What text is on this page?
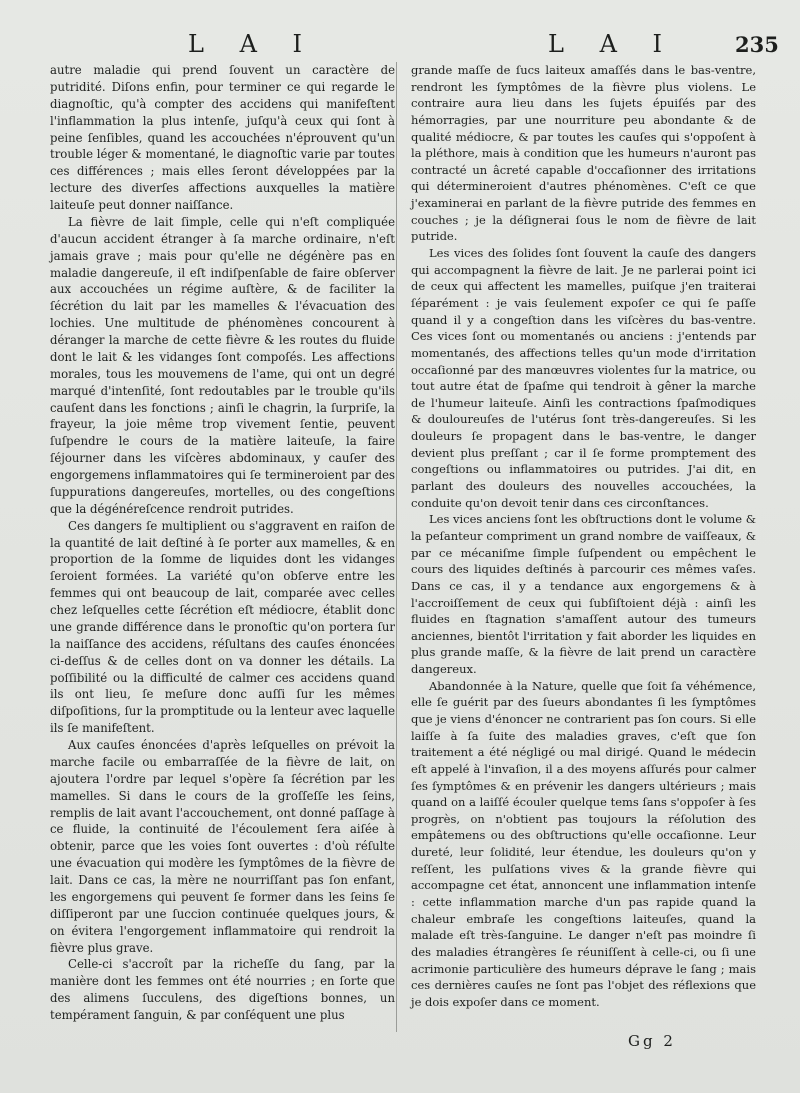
L A I	L A I	235

autre maladie qui prend ſouvent un caractère de putridité. Diſons enfin, pour terminer ce qui regarde le diagnoſtic, qu'à compter des accidens qui manifeſtent l'inflammation la plus intenſe, juſqu'à ceux qui ſont à peine ſenſibles, quand les accouchées n'éprouvent qu'un trouble léger & momentané, le diagnoſtic varie par toutes ces différences ; mais elles ſeront développées par la lecture des diverſes affections auxquelles la matière laiteuſe peut donner naiſſance.

La fièvre de lait ſimple, celle qui n'eſt compliquée d'aucun accident étranger à ſa marche ordinaire, n'eſt jamais grave ; mais pour qu'elle ne dégénère pas en maladie dangereuſe, il eſt indiſpenſable de faire obſerver aux accouchées un régime auſtère, & de faciliter la ſécrétion du lait par les mamelles & l'évacuation des lochies. Une multitude de phénomènes concourent à déranger la marche de cette fièvre & les routes du fluide dont le lait & les vidanges ſont compoſés. Les affections morales, tous les mouvemens de l'ame, qui ont un degré marqué d'intenſité, ſont redoutables par le trouble qu'ils cauſent dans les fonctions ; ainſi le chagrin, la ſurpriſe, la frayeur, la joie même trop vivement ſentie, peuvent ſuſpendre le cours de la matière laiteuſe, la faire ſéjourner dans les viſcères abdominaux, y cauſer des engorgemens inflammatoires qui ſe termineroient par des ſuppurations dangereuſes, mortelles, ou des congeſtions que la dégénéreſcence rendroit putrides.

Ces dangers ſe multiplient ou s'aggravent en raiſon de la quantité de lait deſtiné à ſe porter aux mamelles, & en proportion de la ſomme de liquides dont les vidanges ſeroient formées. La variété qu'on obſerve entre les femmes qui ont beaucoup de lait, comparée avec celles chez leſquelles cette ſécrétion eſt médiocre, établit donc une grande différence dans le pronoſtic qu'on portera ſur la naiſſance des accidens, réſultans des cauſes énoncées ci-deſſus & de celles dont on va donner les détails. La poſſibilité ou la difficulté de calmer ces accidens quand ils ont lieu, ſe meſure donc auſſi ſur les mêmes diſpoſitions, ſur la promptitude ou la lenteur avec laquelle ils ſe manifeſtent.

Aux cauſes énoncées d'après leſquelles on prévoit la marche facile ou embarraſſée de la fièvre de lait, on ajoutera l'ordre par lequel s'opère ſa ſécrétion par les mamelles. Si dans le cours de la groſſeſſe les ſeins, remplis de lait avant l'accouchement, ont donné paſſage à ce fluide, la continuité de l'écoulement ſera aiſée à obtenir, parce que les voies ſont ouvertes : d'où réſulte une évacuation qui modère les ſymptômes de la fièvre de lait. Dans ce cas, la mère ne nourriſſant pas ſon enfant, les engorgemens qui peuvent ſe former dans les ſeins ſe diſſiperont par une ſuccion continuée quelques jours, & on évitera l'engorgement inflammatoire qui rendroit la fièvre plus grave.

Celle-ci s'accroît par la richeſſe du ſang, par la manière dont les femmes ont été nourries ; en ſorte que des alimens ſucculens, des digeſtions bonnes, un tempérament ſanguin, & par conſéquent une plus

grande maſſe de ſucs laiteux amaſſés dans le bas-ventre, rendront les ſymptômes de la fièvre plus violens. Le contraire aura lieu dans les ſujets épuiſés par des hémorragies, par une nourriture peu abondante & de qualité médiocre, & par toutes les cauſes qui s'oppoſent à la pléthore, mais à condition que les humeurs n'auront pas contracté un âcreté capable d'occaſionner des irritations qui détermineroient d'autres phénomènes. C'eſt ce que j'examinerai en parlant de la fièvre putride des femmes en couches ; je la déſignerai ſous le nom de fièvre de lait putride.

Les vices des ſolides ſont ſouvent la cauſe des dangers qui accompagnent la fièvre de lait. Je ne parlerai point ici de ceux qui affectent les mamelles, puiſque j'en traiterai ſéparément : je vais ſeulement expoſer ce qui ſe paſſe quand il y a congeſtion dans les viſcères du bas-ventre. Ces vices ſont ou momentanés ou anciens : j'entends par momentanés, des affections telles qu'un mode d'irritation occaſionné par des manœuvres violentes ſur la matrice, ou tout autre état de ſpaſme qui tendroit à gêner la marche de l'humeur laiteuſe. Ainſi les contractions ſpaſmodiques & douloureuſes de l'utérus ſont très-dangereuſes. Si les douleurs ſe propagent dans le bas-ventre, le danger devient plus preſſant ; car il ſe forme promptement des congeſtions ou inflammatoires ou putrides. J'ai dit, en parlant des douleurs des nouvelles accouchées, la conduite qu'on devoit tenir dans ces circonſtances.

Les vices anciens ſont les obſtructions dont le volume & la peſanteur compriment un grand nombre de vaiſſeaux, & par ce mécaniſme ſimple ſuſpendent ou empêchent le cours des liquides deſtinés à parcourir ces mêmes vaſes. Dans ce cas, il y a tendance aux engorgemens & à l'accroiſſement de ceux qui ſubſiſtoient déjà : ainſi les fluides en ſtagnation s'amaſſent autour des tumeurs anciennes, bientôt l'irritation y fait aborder les liquides en plus grande maſſe, & la fièvre de lait prend un caractère dangereux.

Abandonnée à la Nature, quelle que ſoit ſa véhémence, elle ſe guérit par des ſueurs abondantes ſi les ſymptômes que je viens d'énoncer ne contrarient pas ſon cours. Si elle laiſſe à ſa ſuite des maladies graves, c'eſt que ſon traitement a été négligé ou mal dirigé. Quand le médecin eſt appelé à l'invaſion, il a des moyens aſſurés pour calmer ſes ſymptômes & en prévenir les dangers ultérieurs ; mais quand on a laiſſé écouler quelque tems ſans s'oppoſer à ſes progrès, on n'obtient pas toujours la réſolution des empâtemens ou des obſtructions qu'elle occaſionne. Leur dureté, leur ſolidité, leur étendue, les douleurs qu'on y reſſent, les pulſations vives & la grande fièvre qui accompagne cet état, annoncent une inflammation intenſe : cette inflammation marche d'un pas rapide quand la chaleur embraſe les congeſtions laiteuſes, quand la malade eſt très-ſanguine. Le danger n'eſt pas moindre ſi des maladies étrangères ſe réuniſſent à celle-ci, ou ſi une acrimonie particulière des humeurs déprave le ſang ; mais ces dernières cauſes ne ſont pas l'objet des réflexions que je dois expoſer dans ce moment.

Gg 2
